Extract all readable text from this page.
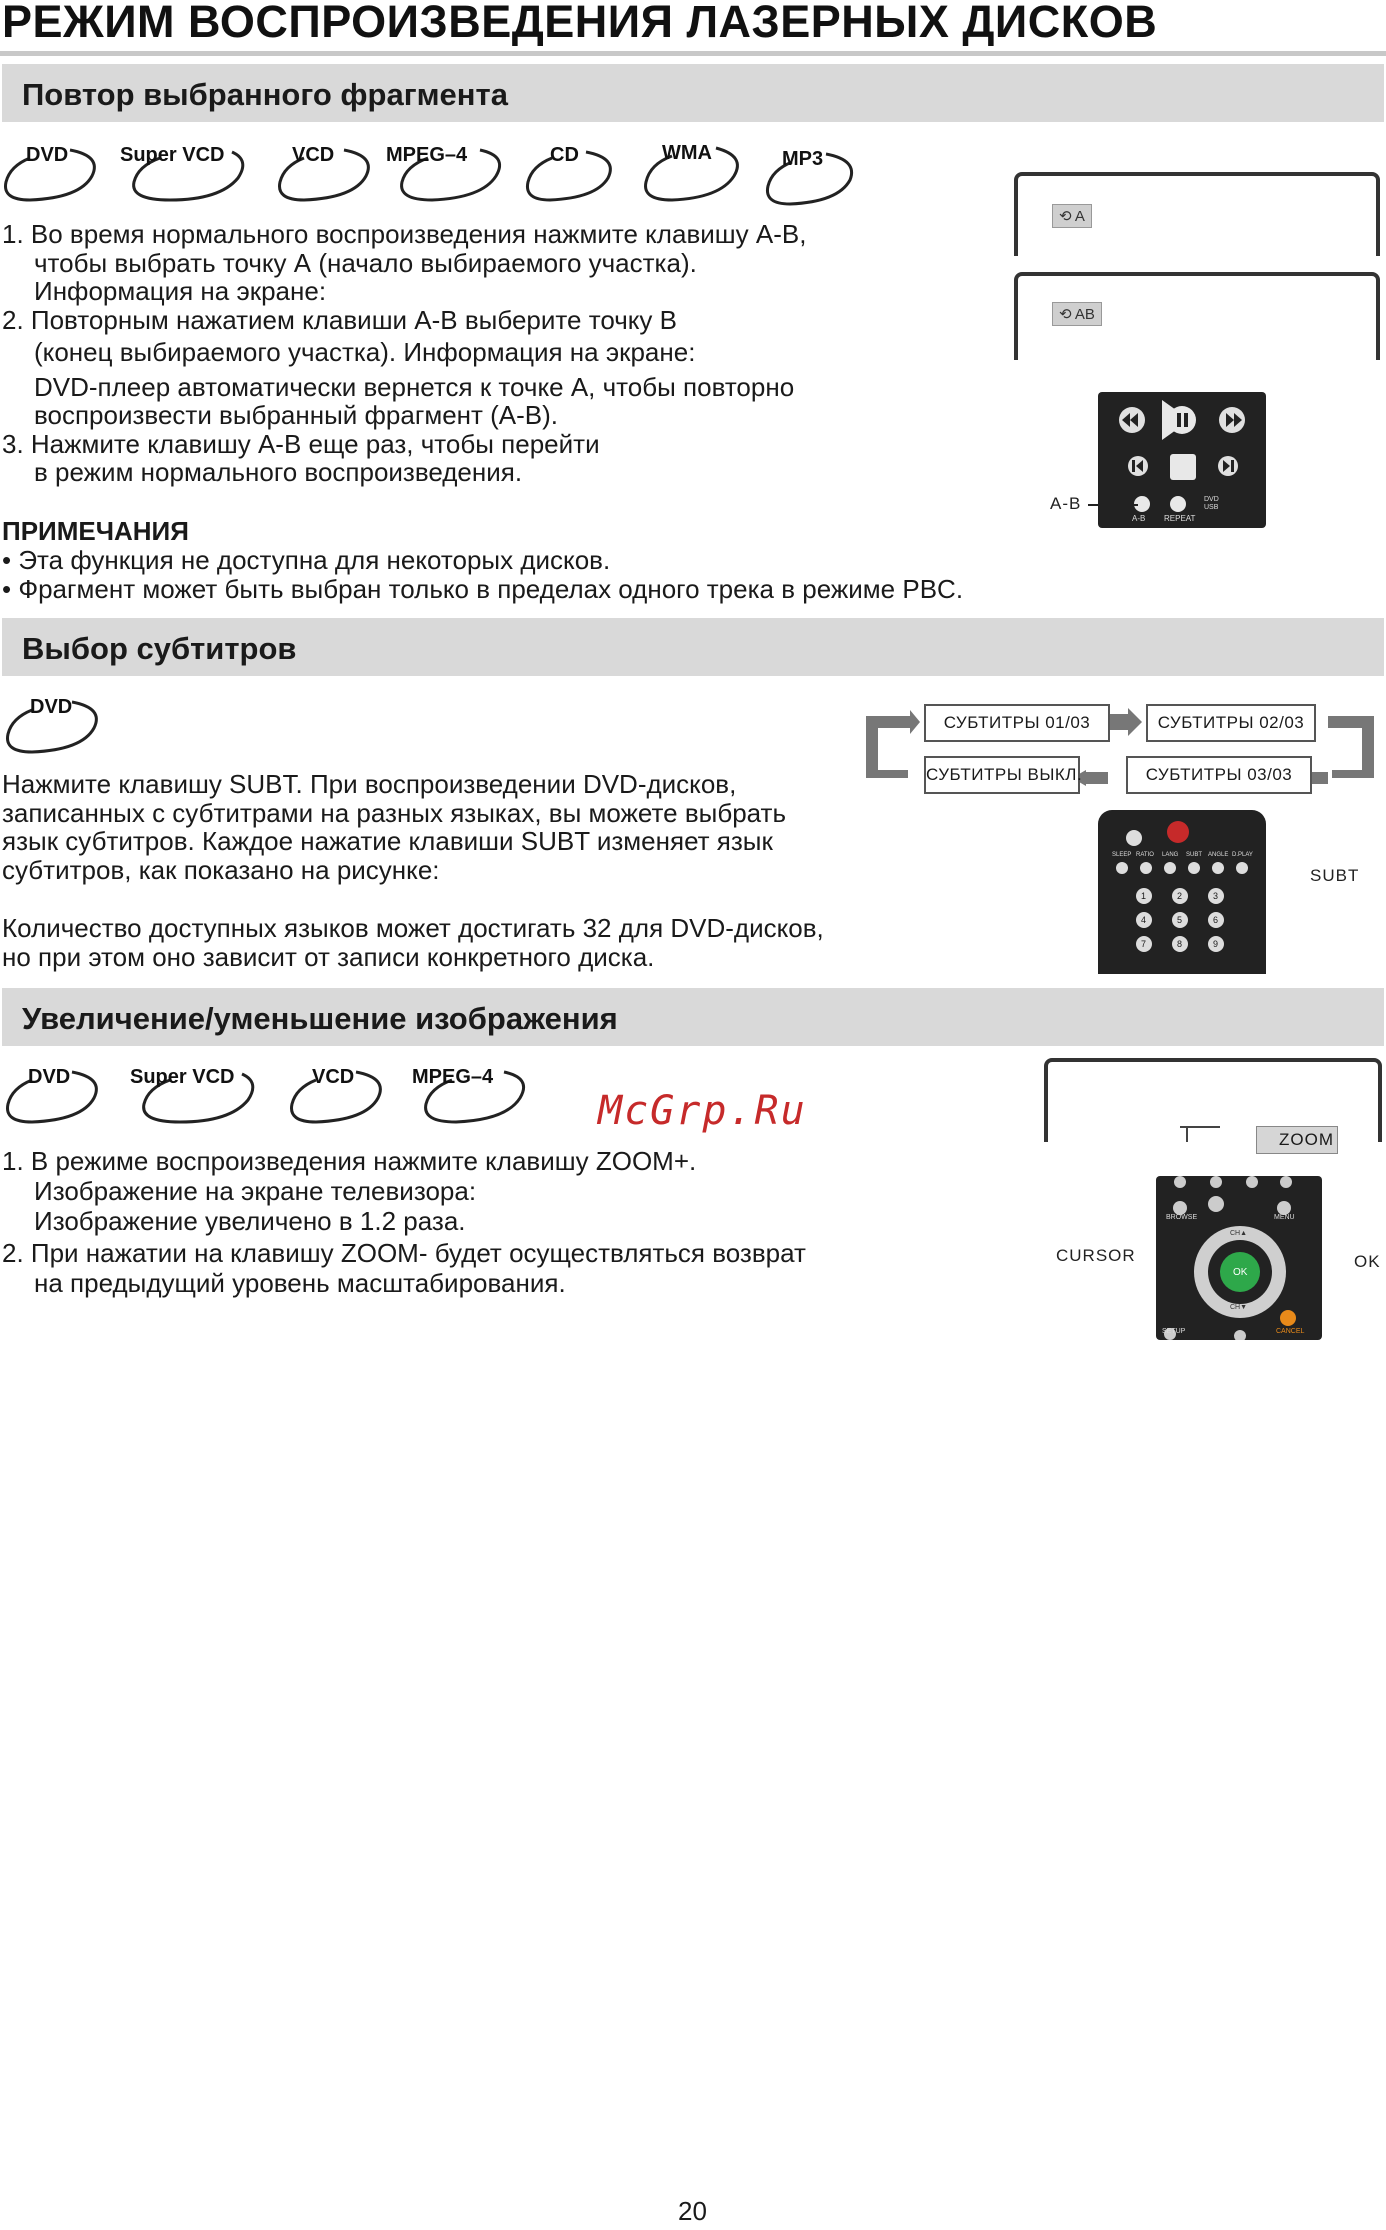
РЕЖИМ ВОСПРОИЗВЕДЕНИЯ ЛАЗЕРНЫХ ДИСКОВ
Повтор выбранного фрагмента
DVD	Super VCD	VCD	MPEG–4	CD	WMA	MP3

1. Во время нормального воспроизведения нажмите клавишу A-B,

чтобы выбрать точку А (начало выбираемого участка).

Информация на экране:

2. Повторным нажатием клавиши A-B выберите точку В

(конец выбираемого участка). Информация на экране:

DVD-плеер автоматически вернется к точке А, чтобы повторно

воспроизвести выбранный фрагмент (А-В).

3. Нажмите клавишу A-B еще раз, чтобы перейти

в режим нормального воспроизведения.

ПРИМЕЧАНИЯ

• Эта функция не доступна для некоторых дисков.

• Фрагмент может быть выбран только в пределах одного трека в режиме PBC.

⟲ A
⟲ AB
A-B REPEAT
DVD USB
A-B
Выбор субтитров
DVD

Нажмите клавишу SUBT. При воспроизведении DVD-дисков,

записанных с субтитрами на разных языках, вы можете выбрать

язык субтитров. Каждое нажатие клавиши SUBT изменяет язык

субтитров, как показано на рисунке:

Количество доступных языков может достигать 32 для DVD-дисков,

но при этом оно зависит от записи конкретного диска.

СУБТИТРЫ 01/03	СУБТИТРЫ 02/03
СУБТИТРЫ ВЫКЛ.	СУБТИТРЫ 03/03
SLEEP RATIO LANG SUBT ANGLE D.PLAY
1	2	3
4	5	6
7	8	9
SUBT
Увеличение/уменьшение изображения
DVD	Super VCD	VCD	MPEG–4
McGrp.Ru

1. В режиме воспроизведения нажмите клавишу ZOOM+.

Изображение на экране телевизора:

Изображение увеличено в 1.2 раза.

2. При нажатии на клавишу ZOOM- будет осуществляться возврат

на предыдущий уровень масштабирования.

ZOOM
BROWSE	MENU
OK
CH▲
CH▼
SETUP	CANCEL
CURSOR	OK
20
